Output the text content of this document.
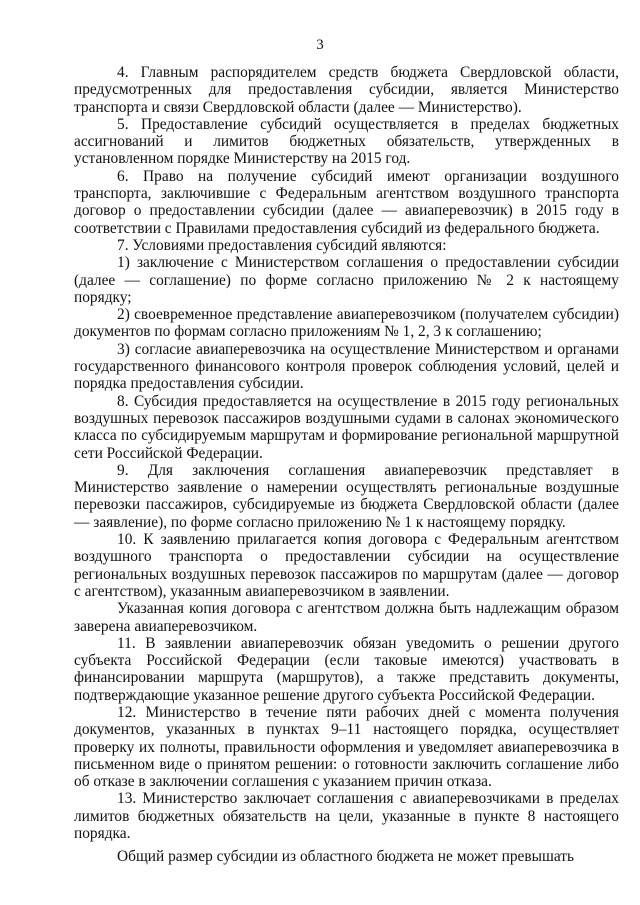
3

4. Главным распорядителем средств бюджета Свердловской области, предусмотренных для предоставления субсидии, является Министерство транспорта и связи Свердловской области (далее — Министерство).

5. Предоставление субсидий осуществляется в пределах бюджетных ассигнований и лимитов бюджетных обязательств, утвержденных в установленном порядке Министерству на 2015 год.

6. Право на получение субсидий имеют организации воздушного транспорта, заключившие с Федеральным агентством воздушного транспорта договор о предоставлении субсидии (далее — авиаперевозчик) в 2015 году в соответствии с Правилами предоставления субсидий из федерального бюджета.

7. Условиями предоставления субсидий являются:

1) заключение с Министерством соглашения о предоставлении субсидии (далее — соглашение) по форме согласно приложению № 2 к настоящему порядку;

2) своевременное представление авиаперевозчиком (получателем субсидии) документов по формам согласно приложениям № 1, 2, 3 к соглашению;

3) согласие авиаперевозчика на осуществление Министерством и органами государственного финансового контроля проверок соблюдения условий, целей и порядка предоставления субсидии.

8. Субсидия предоставляется на осуществление в 2015 году региональных воздушных перевозок пассажиров воздушными судами в салонах экономического класса по субсидируемым маршрутам и формирование региональной маршрутной сети Российской Федерации.

9. Для заключения соглашения авиаперевозчик представляет в Министерство заявление о намерении осуществлять региональные воздушные перевозки пассажиров, субсидируемые из бюджета Свердловской области (далее — заявление), по форме согласно приложению № 1 к настоящему порядку.

10. К заявлению прилагается копия договора с Федеральным агентством воздушного транспорта о предоставлении субсидии на осуществление региональных воздушных перевозок пассажиров по маршрутам (далее — договор с агентством), указанным авиаперевозчиком в заявлении.

Указанная копия договора с агентством должна быть надлежащим образом заверена авиаперевозчиком.

11. В заявлении авиаперевозчик обязан уведомить о решении другого субъекта Российской Федерации (если таковые имеются) участвовать в финансировании маршрута (маршрутов), а также представить документы, подтверждающие указанное решение другого субъекта Российской Федерации.

12. Министерство в течение пяти рабочих дней с момента получения документов, указанных в пунктах 9–11 настоящего порядка, осуществляет проверку их полноты, правильности оформления и уведомляет авиаперевозчика в письменном виде о принятом решении: о готовности заключить соглашение либо об отказе в заключении соглашения с указанием причин отказа.

13. Министерство заключает соглашения с авиаперевозчиками в пределах лимитов бюджетных обязательств на цели, указанные в пункте 8 настоящего порядка.

Общий размер субсидии из областного бюджета не может превышать
